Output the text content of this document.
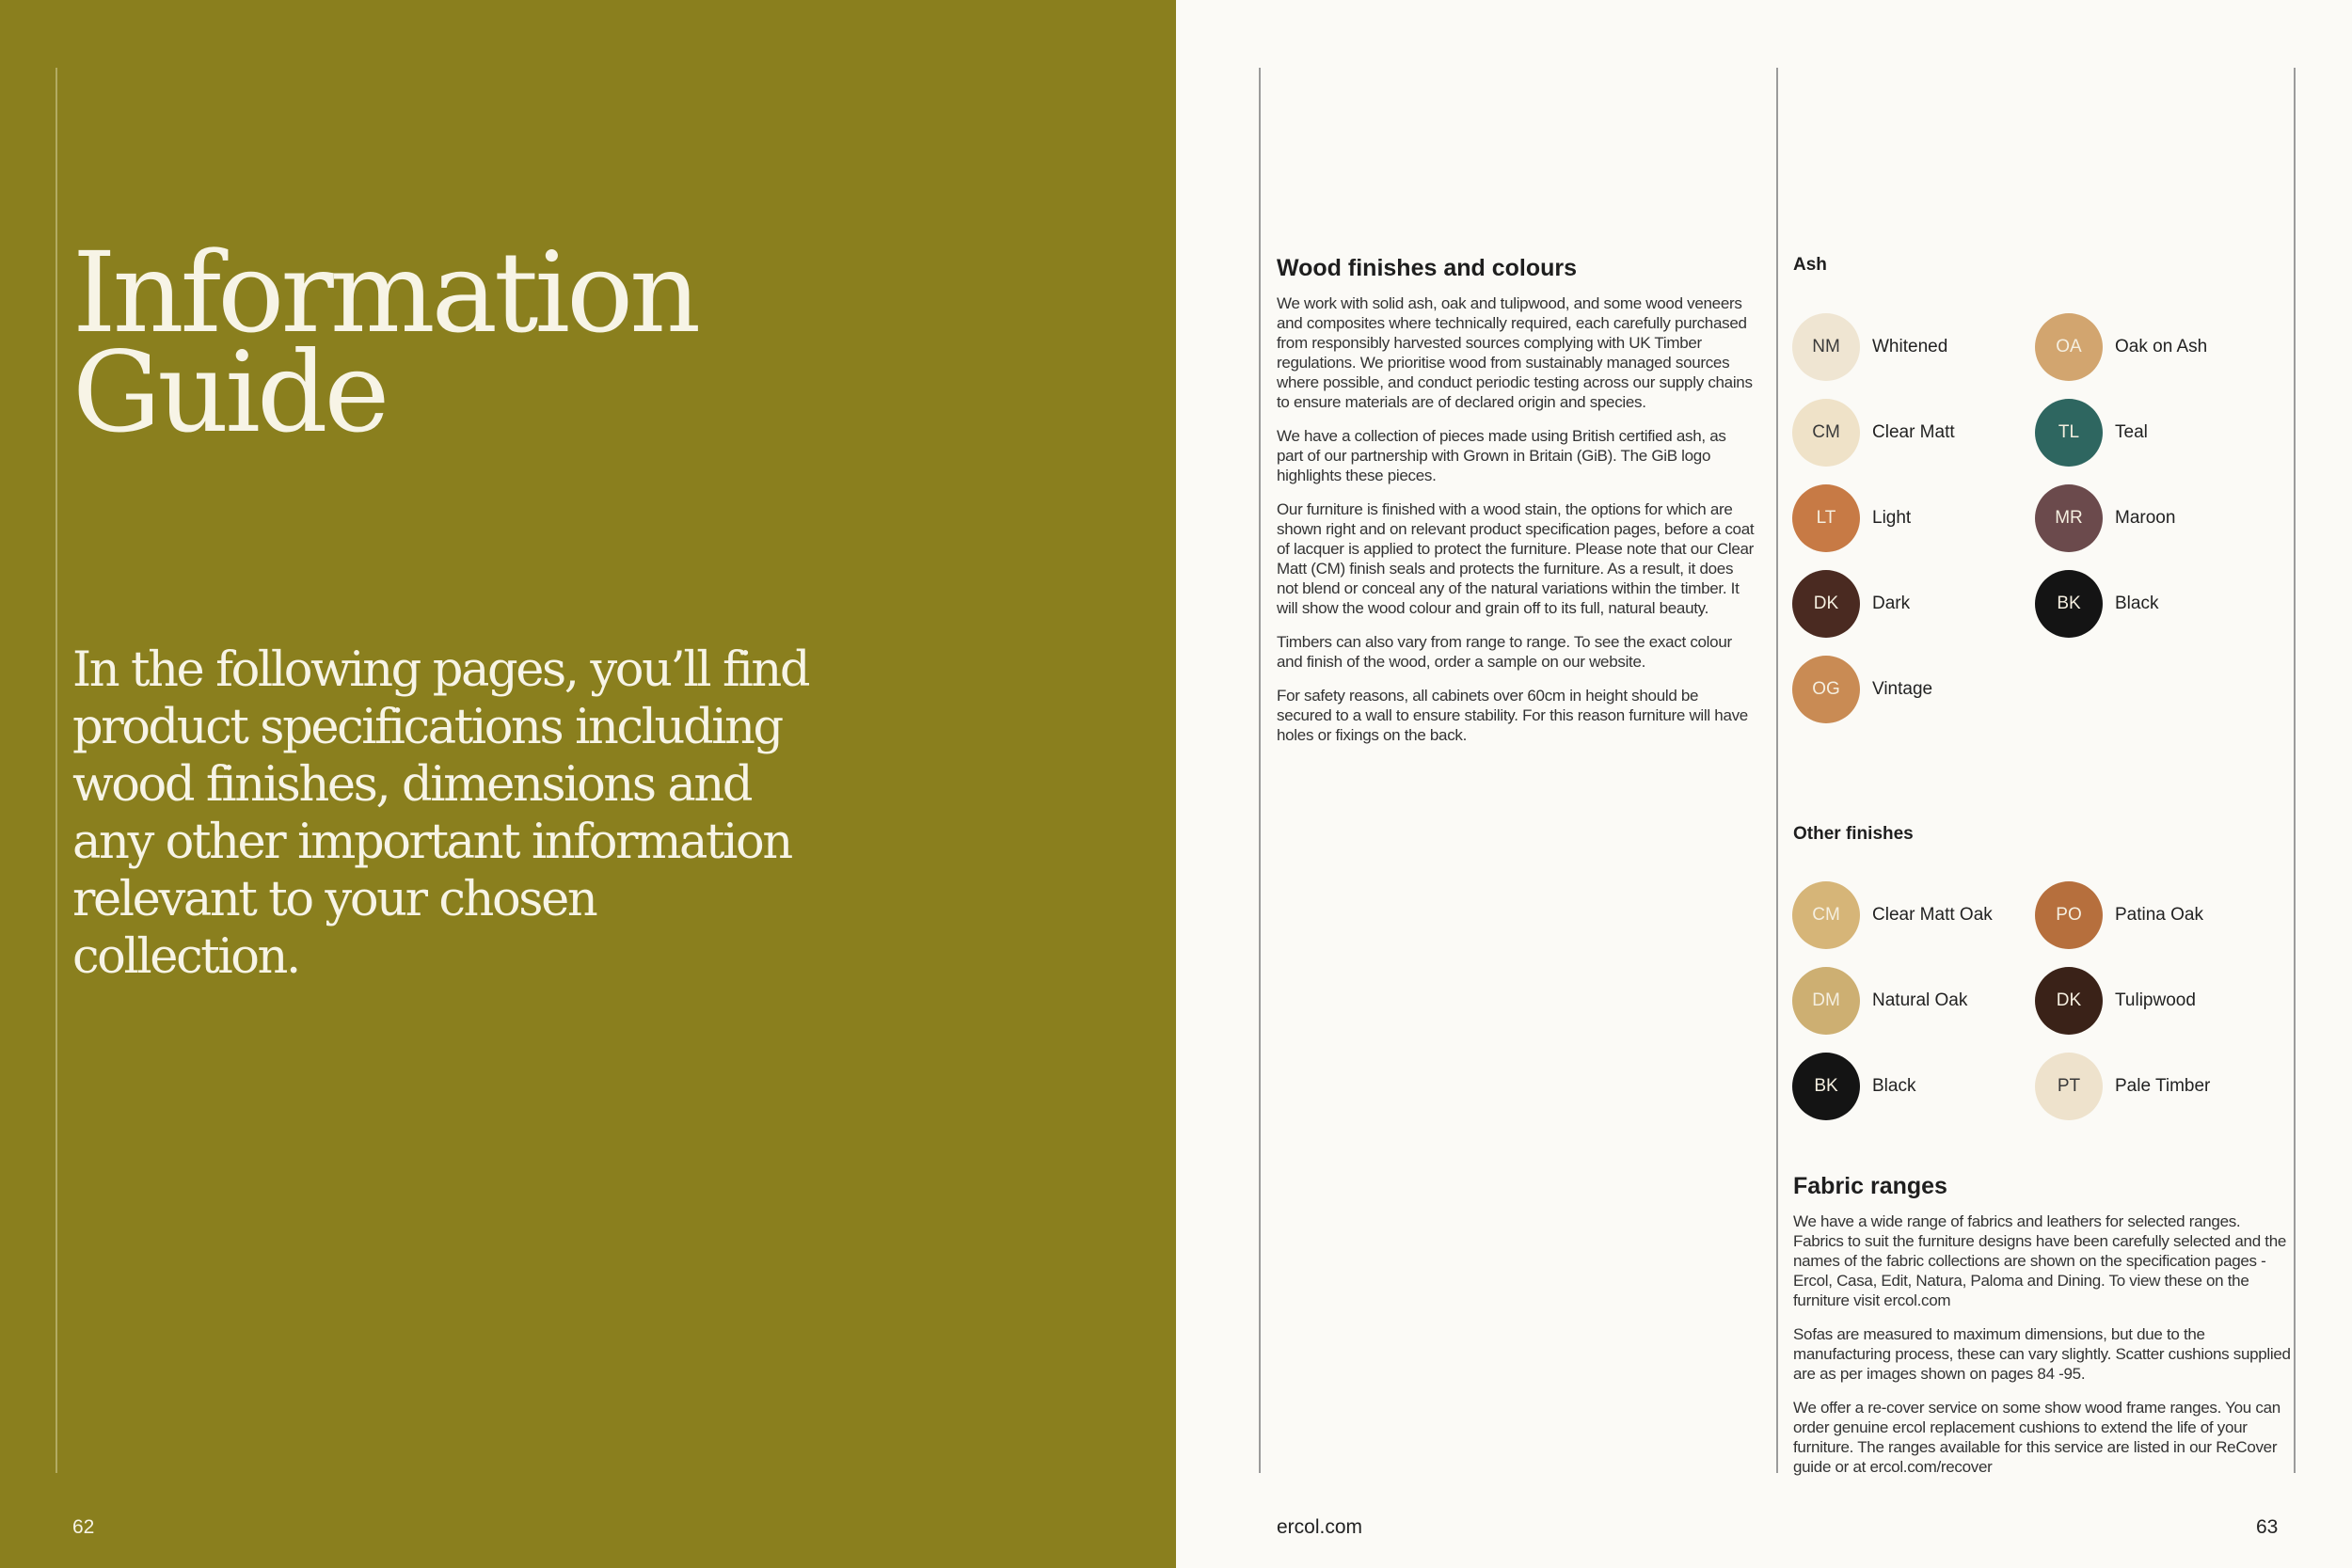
Information
Guide

In the following pages, you’ll find product specifications including wood finishes, dimensions and any other important information relevant to your chosen collection.

62
Wood finishes and colours

We work with solid ash, oak and tulipwood, and some wood veneers and composites where technically required, each carefully purchased from responsibly harvested sources complying with UK Timber regulations. We prioritise wood from sustainably managed sources where possible, and conduct periodic testing across our supply chains to ensure materials are of declared origin and species.

We have a collection of pieces made using British certified ash, as part of our partnership with Grown in Britain (GiB). The GiB logo highlights these pieces.

Our furniture is finished with a wood stain, the options for which are shown right and on relevant product specification pages, before a coat of lacquer is applied to protect the furniture. Please note that our Clear Matt (CM) finish seals and protects the furniture. As a result, it does not blend or conceal any of the natural variations within the timber. It will show the wood colour and grain off to its full, natural beauty.

Timbers can also vary from range to range. To see the exact colour and finish of the wood, order a sample on our website.

For safety reasons, all cabinets over 60cm in height should be secured to a wall to ensure stability. For this reason furniture will have holes or fixings on the back.

Ash
NM	Whitened	OA	Oak on Ash
CM	Clear Matt	TL	Teal
LT	Light	MR	Maroon
DK	Dark	BK	Black
OG	Vintage
Other finishes
CM	Clear Matt Oak	PO	Patina Oak
DM	Natural Oak	DK	Tulipwood
BK	Black	PT	Pale Timber
Fabric ranges

We have a wide range of fabrics and leathers for selected ranges. Fabrics to suit the furniture designs have been carefully selected and the names of the fabric collections are shown on the specification pages - Ercol, Casa, Edit, Natura, Paloma and Dining. To view these on the furniture visit ercol.com

Sofas are measured to maximum dimensions, but due to the manufacturing process, these can vary slightly. Scatter cushions supplied are as per images shown on pages 84 -95.

We offer a re-cover service on some show wood frame ranges. You can order genuine ercol replacement cushions to extend the life of your furniture. The ranges available for this service are listed in our ReCover guide or at ercol.com/recover

ercol.com	63
